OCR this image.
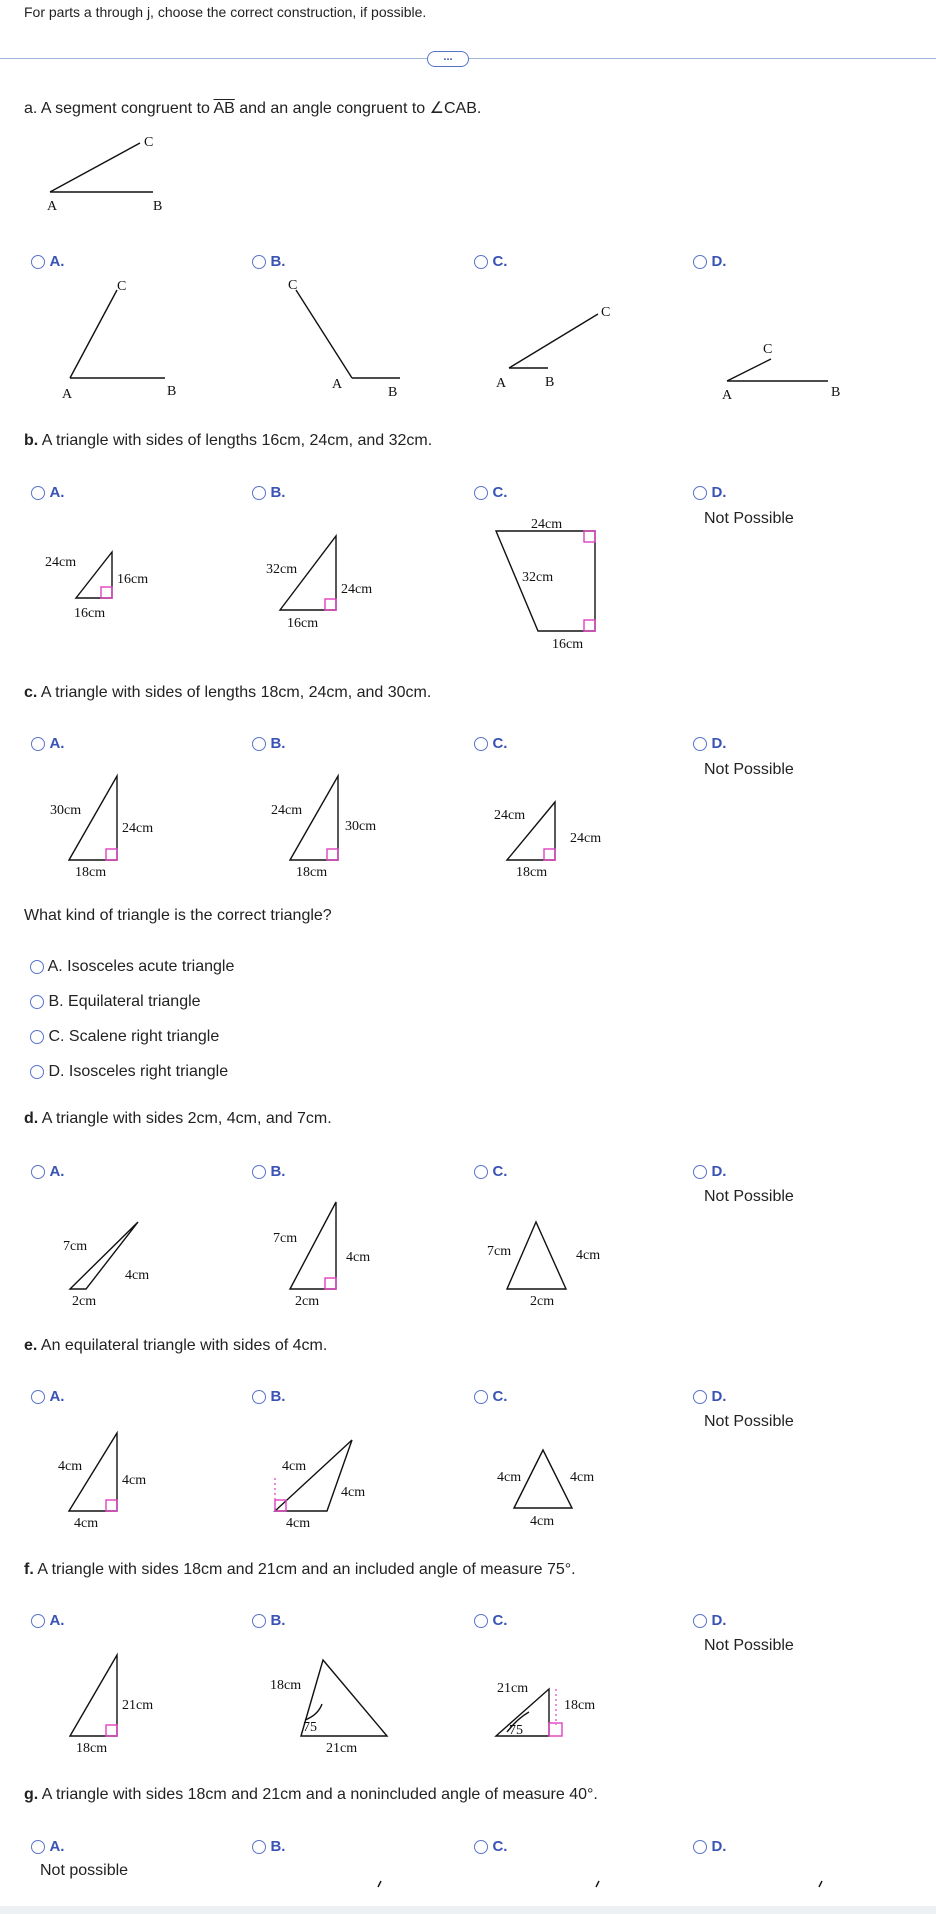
For parts a through j, choose the correct construction, if possible.
...
a. A segment congruent to $\overline{AB}$ and an angle congruent to ∠CAB.
C
A	B
A.	B.	C.	D.
C
A	B
C
A
B
C
A	B
C
A	B
b. A triangle with sides of lengths 16cm, 24cm, and 32cm.
A.	B.	C.	D.
Not Possible
24cm
16cm
16cm
32cm
24cm
16cm
24cm
32cm
16cm
c. A triangle with sides of lengths 18cm, 24cm, and 30cm.
A.	B.	C.	D.
Not Possible
30cm
24cm
18cm
24cm
30cm
18cm
24cm
24cm
18cm
What kind of triangle is the correct triangle?
A. Isosceles acute triangle
B. Equilateral triangle
C. Scalene right triangle
D. Isosceles right triangle
d. A triangle with sides 2cm, 4cm, and 7cm.
A.	B.	C.	D.
Not Possible
7cm
4cm
2cm
7cm
4cm
2cm
7cm	4cm
2cm
e. An equilateral triangle with sides of 4cm.
A.	B.	C.	D.
Not Possible
4cm
4cm
4cm
4cm
4cm
4cm
4cm	4cm
4cm
f. A triangle with sides 18cm and 21cm and an included angle of measure 75°.
A.	B.	C.	D.
Not Possible
21cm
18cm
18cm
75
21cm
21cm
18cm
75
g. A triangle with sides 18cm and 21cm and a nonincluded angle of measure 40°.
A.
Not possible
B.	C.	D.
